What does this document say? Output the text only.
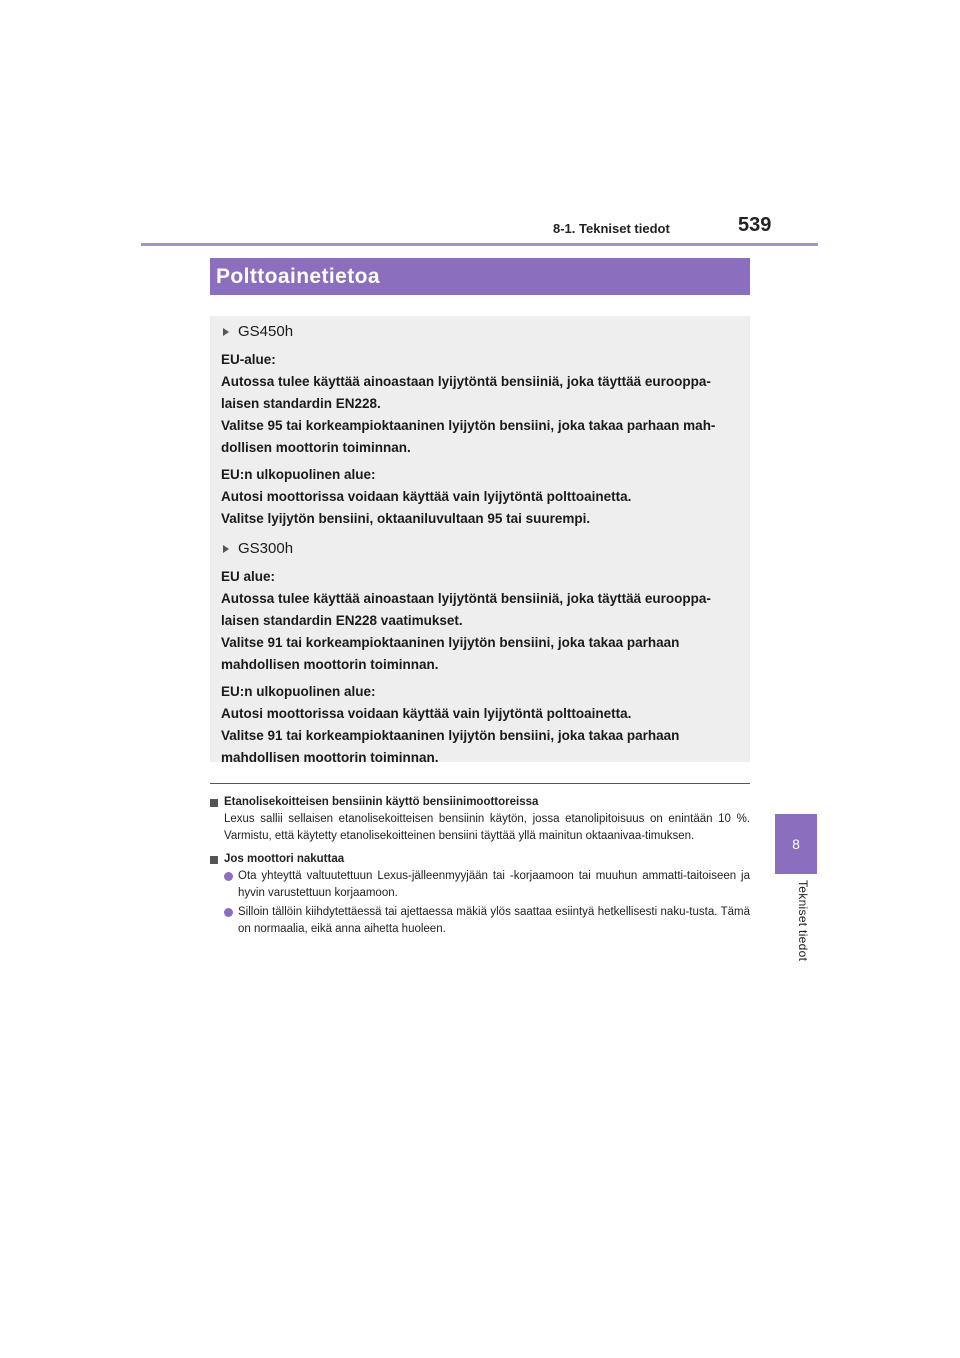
8-1. Tekniset tiedot	539
8
Tekniset tiedot
Polttoainetietoa
GS450h
EU-alue:
Autossa tulee käyttää ainoastaan lyijytöntä bensiiniä, joka täyttää eurooppa-
laisen standardin EN228.
Valitse 95 tai korkeampioktaaninen lyijytön bensiini, joka takaa parhaan mah-
dollisen moottorin toiminnan.
EU:n ulkopuolinen alue:
Autosi moottorissa voidaan käyttää vain lyijytöntä polttoainetta.
Valitse lyijytön bensiini, oktaaniluvultaan 95 tai suurempi.
GS300h
EU alue:
Autossa tulee käyttää ainoastaan lyijytöntä bensiiniä, joka täyttää eurooppa-
laisen standardin EN228 vaatimukset.
Valitse 91 tai korkeampioktaaninen lyijytön bensiini, joka takaa parhaan
mahdollisen moottorin toiminnan.
EU:n ulkopuolinen alue:
Autosi moottorissa voidaan käyttää vain lyijytöntä polttoainetta.
Valitse 91 tai korkeampioktaaninen lyijytön bensiini, joka takaa parhaan
mahdollisen moottorin toiminnan.
Etanolisekoitteisen bensiinin käyttö bensiinimoottoreissa
Lexus sallii sellaisen etanolisekoitteisen bensiinin käytön, jossa etanolipitoisuus on enintään 10 %. Varmistu, että käytetty etanolisekoitteinen bensiini täyttää yllä mainitun oktaanivaa-timuksen.
Jos moottori nakuttaa
Ota yhteyttä valtuutettuun Lexus-jälleenmyyjään tai -korjaamoon tai muuhun ammatti-taitoiseen ja hyvin varustettuun korjaamoon.
Silloin tällöin kiihdytettäessä tai ajettaessa mäkiä ylös saattaa esiintyä hetkellisesti naku-tusta. Tämä on normaalia, eikä anna aihetta huoleen.
